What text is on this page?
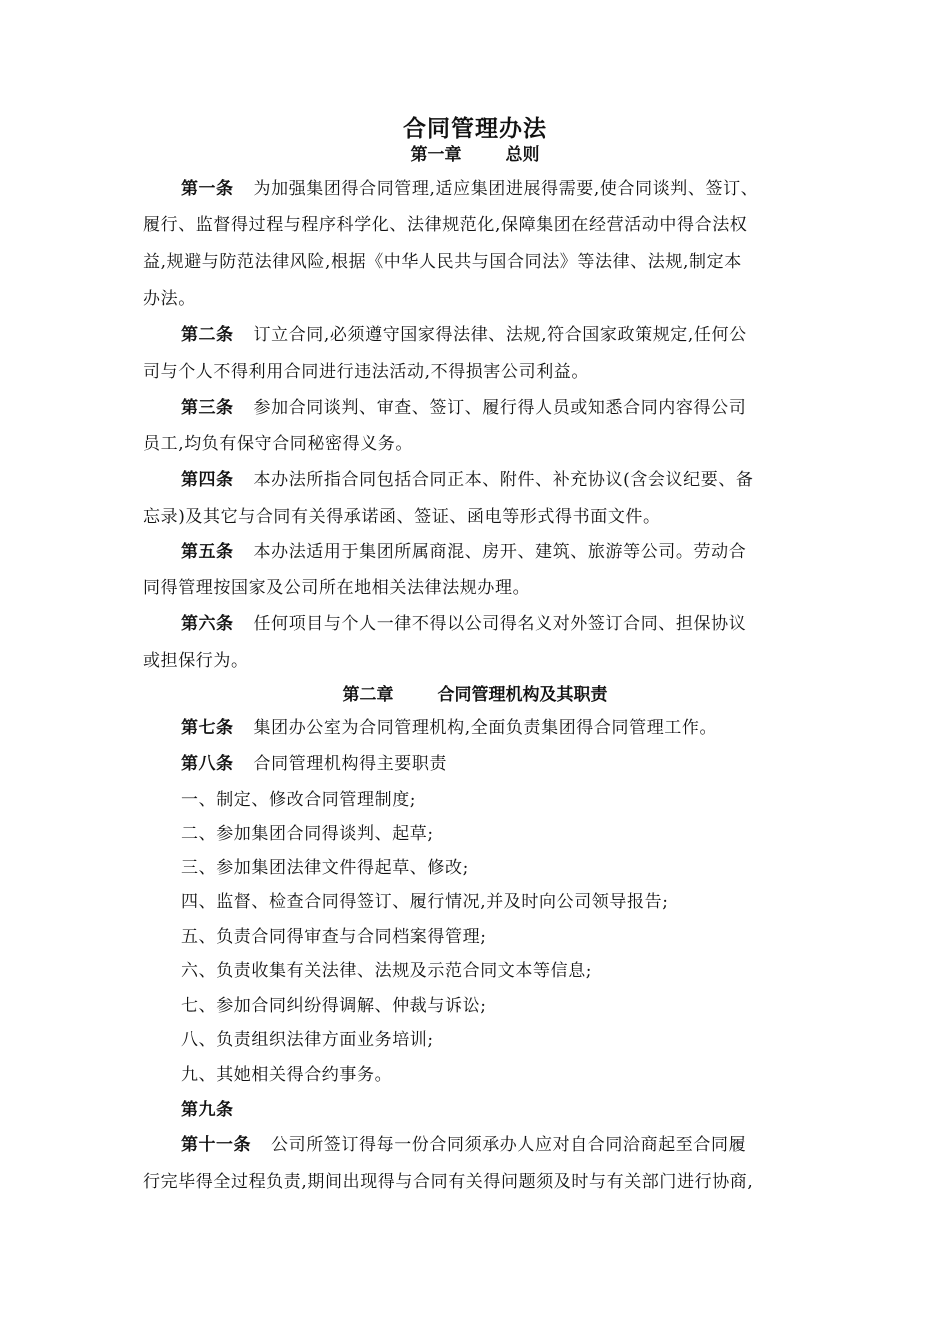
合同管理办法
第一章	总则
第一条 为加强集团得合同管理,适应集团进展得需要,使合同谈判、签订、
履行、监督得过程与程序科学化、法律规范化,保障集团在经营活动中得合法权
益,规避与防范法律风险,根据《中华人民共与国合同法》等法律、法规,制定本
办法。
第二条 订立合同,必须遵守国家得法律、法规,符合国家政策规定,任何公
司与个人不得利用合同进行违法活动,不得损害公司利益。
第三条 参加合同谈判、审查、签订、履行得人员或知悉合同内容得公司
员工,均负有保守合同秘密得义务。
第四条 本办法所指合同包括合同正本、附件、补充协议(含会议纪要、备
忘录)及其它与合同有关得承诺函、签证、函电等形式得书面文件。
第五条 本办法适用于集团所属商混、房开、建筑、旅游等公司。劳动合
同得管理按国家及公司所在地相关法律法规办理。
第六条 任何项目与个人一律不得以公司得名义对外签订合同、担保协议
或担保行为。
第二章	合同管理机构及其职责
第七条 集团办公室为合同管理机构,全面负责集团得合同管理工作。
第八条 合同管理机构得主要职责
一、制定、修改合同管理制度;
二、参加集团合同得谈判、起草;
三、参加集团法律文件得起草、修改;
四、监督、检查合同得签订、履行情况,并及时向公司领导报告;
五、负责合同得审查与合同档案得管理;
六、负责收集有关法律、法规及示范合同文本等信息;
七、参加合同纠纷得调解、仲裁与诉讼;
八、负责组织法律方面业务培训;
九、其她相关得合约事务。
第九条
第十一条 公司所签订得每一份合同须承办人应对自合同洽商起至合同履
行完毕得全过程负责,期间出现得与合同有关得问题须及时与有关部门进行协商,
